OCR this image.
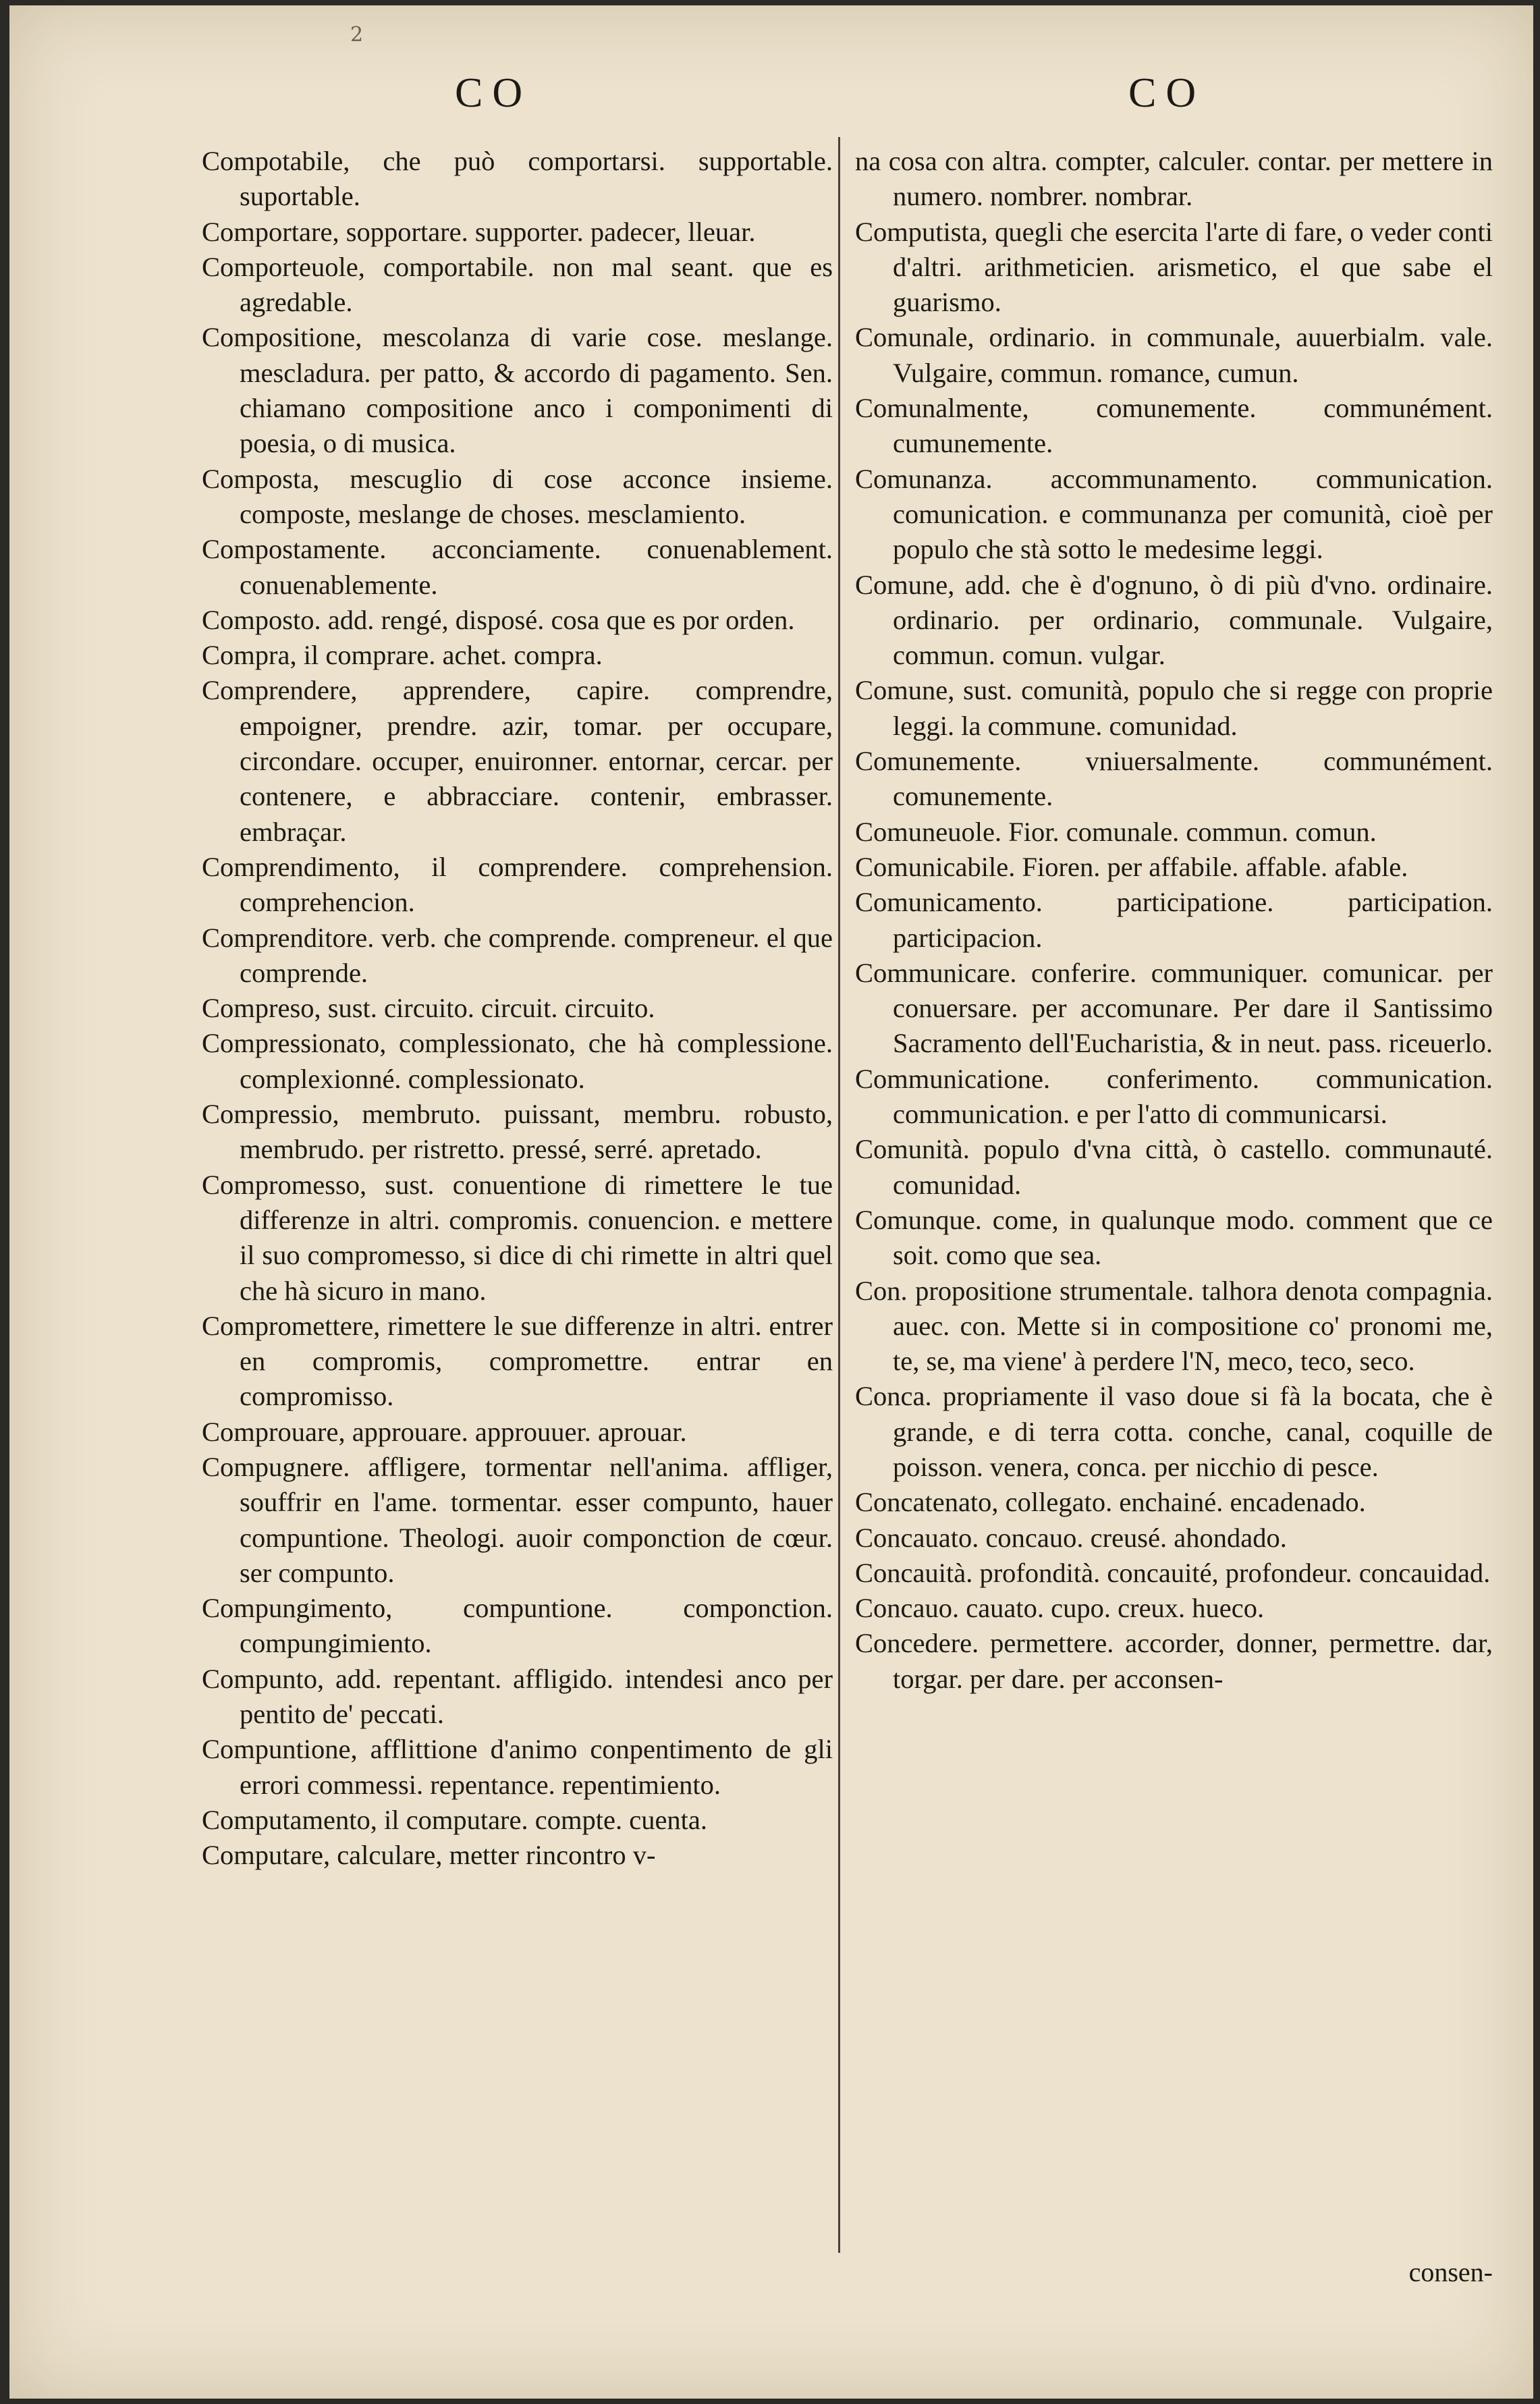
2
CO	CO

Compotabile, che può comportarsi. supportable. suportable.

Comportare, sopportare. supporter. padecer, lleuar.

Comporteuole, comportabile. non mal seant. que es agredable.

Compositione, mescolanza di varie cose. meslange. mescladura. per patto, & accordo di pagamento. Sen. chiamano compositione anco i componimenti di poesia, o di musica.

Composta, mescuglio di cose acconce insieme. composte, meslange de choses. mesclamiento.

Compostamente. acconciamente. conuenablement. conuenablemente.

Composto. add. rengé, disposé. cosa que es por orden.

Compra, il comprare. achet. compra.

Comprendere, apprendere, capire. comprendre, empoigner, prendre. azir, tomar. per occupare, circondare. occuper, enuironner. entornar, cercar. per contenere, e abbracciare. contenir, embrasser. embraçar.

Comprendimento, il comprendere. comprehension. comprehencion.

Comprenditore. verb. che comprende. compreneur. el que comprende.

Compreso, sust. circuito. circuit. circuito.

Compressionato, complessionato, che hà complessione. complexionné. complessionato.

Compressio, membruto. puissant, membru. robusto, membrudo. per ristretto. pressé, serré. apretado.

Compromesso, sust. conuentione di rimettere le tue differenze in altri. compromis. conuencion. e mettere il suo compromesso, si dice di chi rimette in altri quel che hà sicuro in mano.

Compromettere, rimettere le sue differenze in altri. entrer en compromis, compromettre. entrar en compromisso.

Comprouare, approuare. approuuer. aprouar.

Compugnere. affligere, tormentar nell'anima. affliger, souffrir en l'ame. tormentar. esser compunto, hauer compuntione. Theologi. auoir componction de cœur. ser compunto.

Compungimento, compuntione. componction. compungimiento.

Compunto, add. repentant. affligido. intendesi anco per pentito de' peccati.

Compuntione, afflittione d'animo conpentimento de gli errori commessi. repentance. repentimiento.

Computamento, il computare. compte. cuenta.

Computare, calculare, metter rincontro v-

na cosa con altra. compter, calculer. contar. per mettere in numero. nombrer. nombrar.

Computista, quegli che esercita l'arte di fare, o veder conti d'altri. arithmeticien. arismetico, el que sabe el guarismo.

Comunale, ordinario. in communale, auuerbialm. vale. Vulgaire, commun. romance, cumun.

Comunalmente, comunemente. communément. cumunemente.

Comunanza. accommunamento. communication. comunication. e communanza per comunità, cioè per populo che stà sotto le medesime leggi.

Comune, add. che è d'ognuno, ò di più d'vno. ordinaire. ordinario. per ordinario, communale. Vulgaire, commun. comun. vulgar.

Comune, sust. comunità, populo che si regge con proprie leggi. la commune. comunidad.

Comunemente. vniuersalmente. communément. comunemente.

Comuneuole. Fior. comunale. commun. comun.

Comunicabile. Fioren. per affabile. affable. afable.

Comunicamento. participatione. participation. participacion.

Communicare. conferire. communiquer. comunicar. per conuersare. per accomunare. Per dare il Santissimo Sacramento dell'Eucharistia, & in neut. pass. riceuerlo.

Communicatione. conferimento. communication. communication. e per l'atto di communicarsi.

Comunità. populo d'vna città, ò castello. communauté. comunidad.

Comunque. come, in qualunque modo. comment que ce soit. como que sea.

Con. propositione strumentale. talhora denota compagnia. auec. con. Mette si in compositione co' pronomi me, te, se, ma viene' à perdere l'N, meco, teco, seco.

Conca. propriamente il vaso doue si fà la bocata, che è grande, e di terra cotta. conche, canal, coquille de poisson. venera, conca. per nicchio di pesce.

Concatenato, collegato. enchainé. encadenado.

Concauato. concauo. creusé. ahondado.

Concauità. profondità. concauité, profondeur. concauidad.

Concauo. cauato. cupo. creux. hueco.

Concedere. permettere. accorder, donner, permettre. dar, torgar. per dare. per acconsen-

consen-
